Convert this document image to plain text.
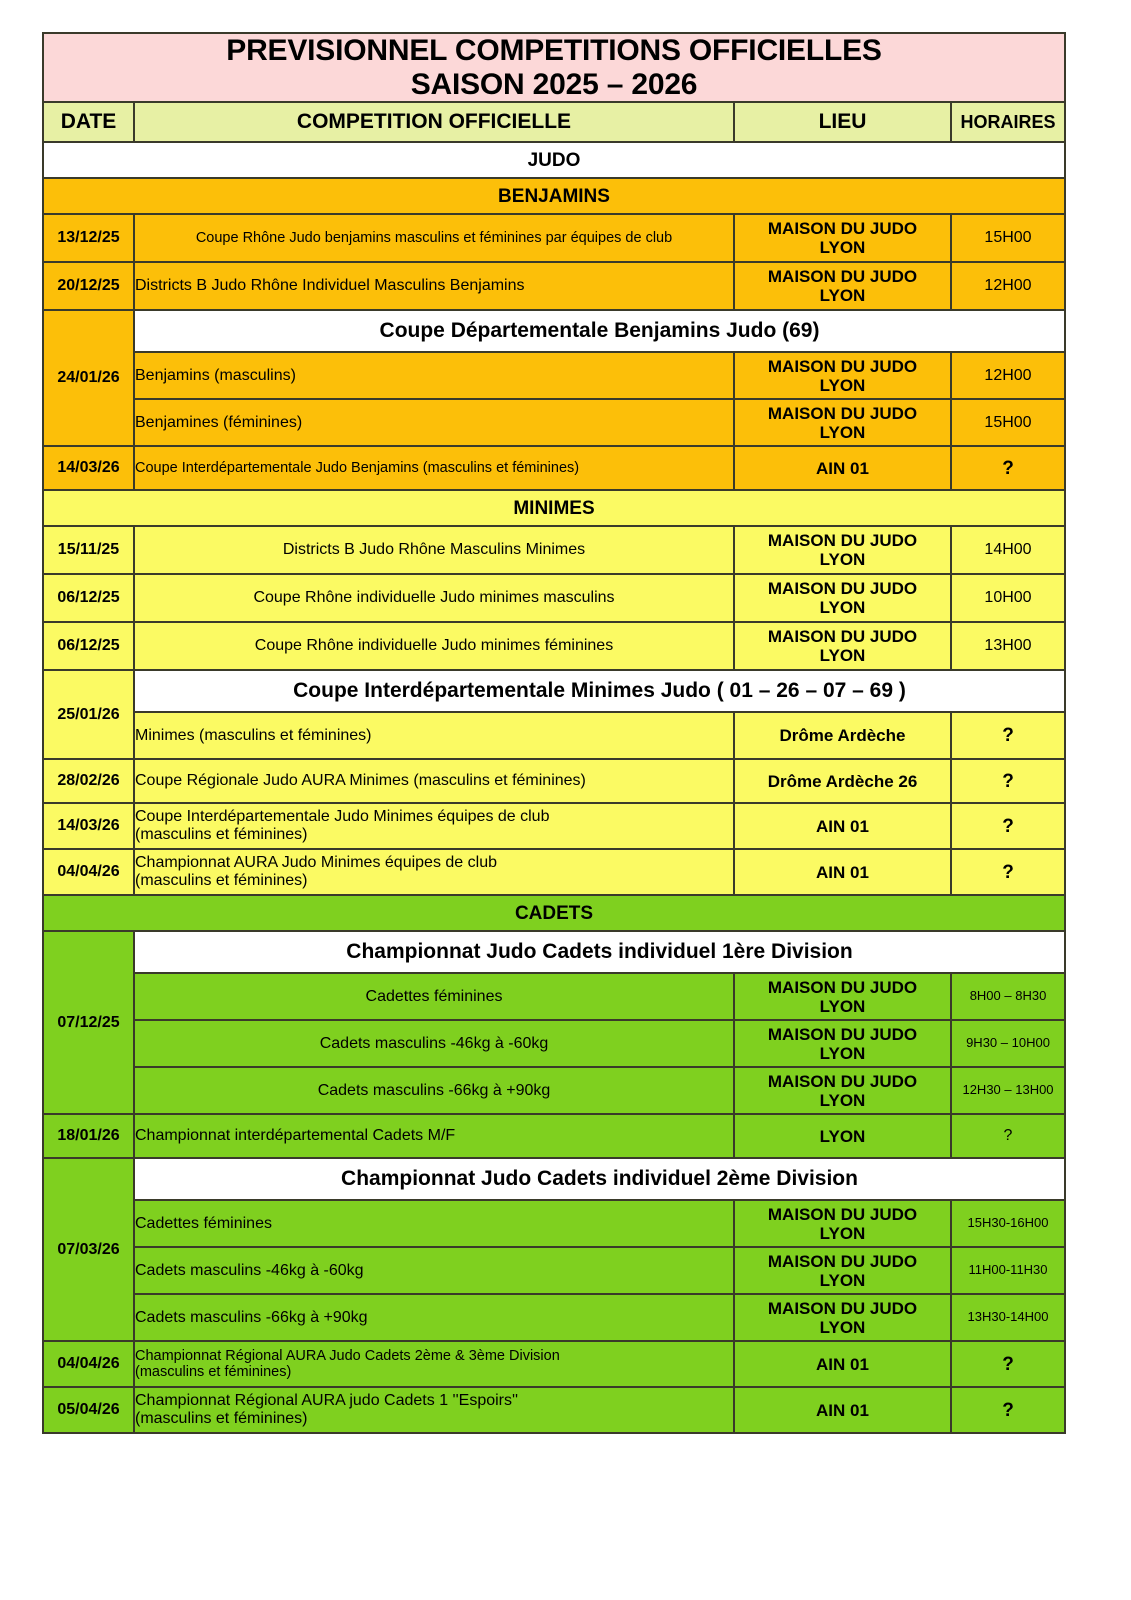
PREVISIONNEL COMPETITIONS OFFICIELLES
SAISON 2025 – 2026			

DATE	COMPETITION OFFICIELLE	LIEU	HORAIRES
JUDO			
BENJAMINS			
13/12/25	Coupe Rhône Judo benjamins masculins et féminines par équipes de club	MAISON DU JUDO
LYON	15H00
20/12/25	Districts B Judo Rhône Individuel Masculins Benjamins	MAISON DU JUDO
LYON	12H00
24/01/26	Coupe Départementale Benjamins Judo (69)		
	Benjamins (masculins)	MAISON DU JUDO
LYON	12H00
	Benjamines (féminines)	MAISON DU JUDO
LYON	15H00
14/03/26	Coupe Interdépartementale Judo Benjamins (masculins et féminines)	AIN 01	?
MINIMES			
15/11/25	Districts B Judo Rhône Masculins Minimes	MAISON DU JUDO
LYON	14H00
06/12/25	Coupe Rhône individuelle Judo minimes masculins	MAISON DU JUDO
LYON	10H00
06/12/25	Coupe Rhône individuelle Judo minimes féminines	MAISON DU JUDO
LYON	13H00
25/01/26	Coupe Interdépartementale Minimes Judo ( 01 – 26 – 07 – 69 )		
	Minimes (masculins et féminines)	Drôme Ardèche	?
28/02/26	Coupe Régionale Judo AURA Minimes (masculins et féminines)	Drôme Ardèche 26	?
14/03/26	Coupe Interdépartementale Judo Minimes équipes de club
(masculins et féminines)	AIN 01	?
04/04/26	Championnat AURA Judo Minimes équipes de club
(masculins et féminines)	AIN 01	?
CADETS			
07/12/25	Championnat Judo Cadets individuel 1ère Division		
	Cadettes féminines	MAISON DU JUDO
LYON	8H00 – 8H30
	Cadets masculins -46kg à -60kg	MAISON DU JUDO
LYON	9H30 – 10H00
	Cadets masculins -66kg à +90kg	MAISON DU JUDO
LYON	12H30 – 13H00
18/01/26	Championnat interdépartemental Cadets M/F	LYON	?
07/03/26	Championnat Judo Cadets individuel 2ème Division		
	Cadettes féminines	MAISON DU JUDO
LYON	15H30-16H00
	Cadets masculins -46kg à -60kg	MAISON DU JUDO
LYON	11H00-11H30
	Cadets masculins -66kg à +90kg	MAISON DU JUDO
LYON	13H30-14H00
04/04/26	Championnat Régional AURA Judo Cadets 2ème & 3ème Division
(masculins et féminines)	AIN 01	?
05/04/26	Championnat Régional AURA judo Cadets 1 ''Espoirs''
(masculins et féminines)	AIN 01	?
